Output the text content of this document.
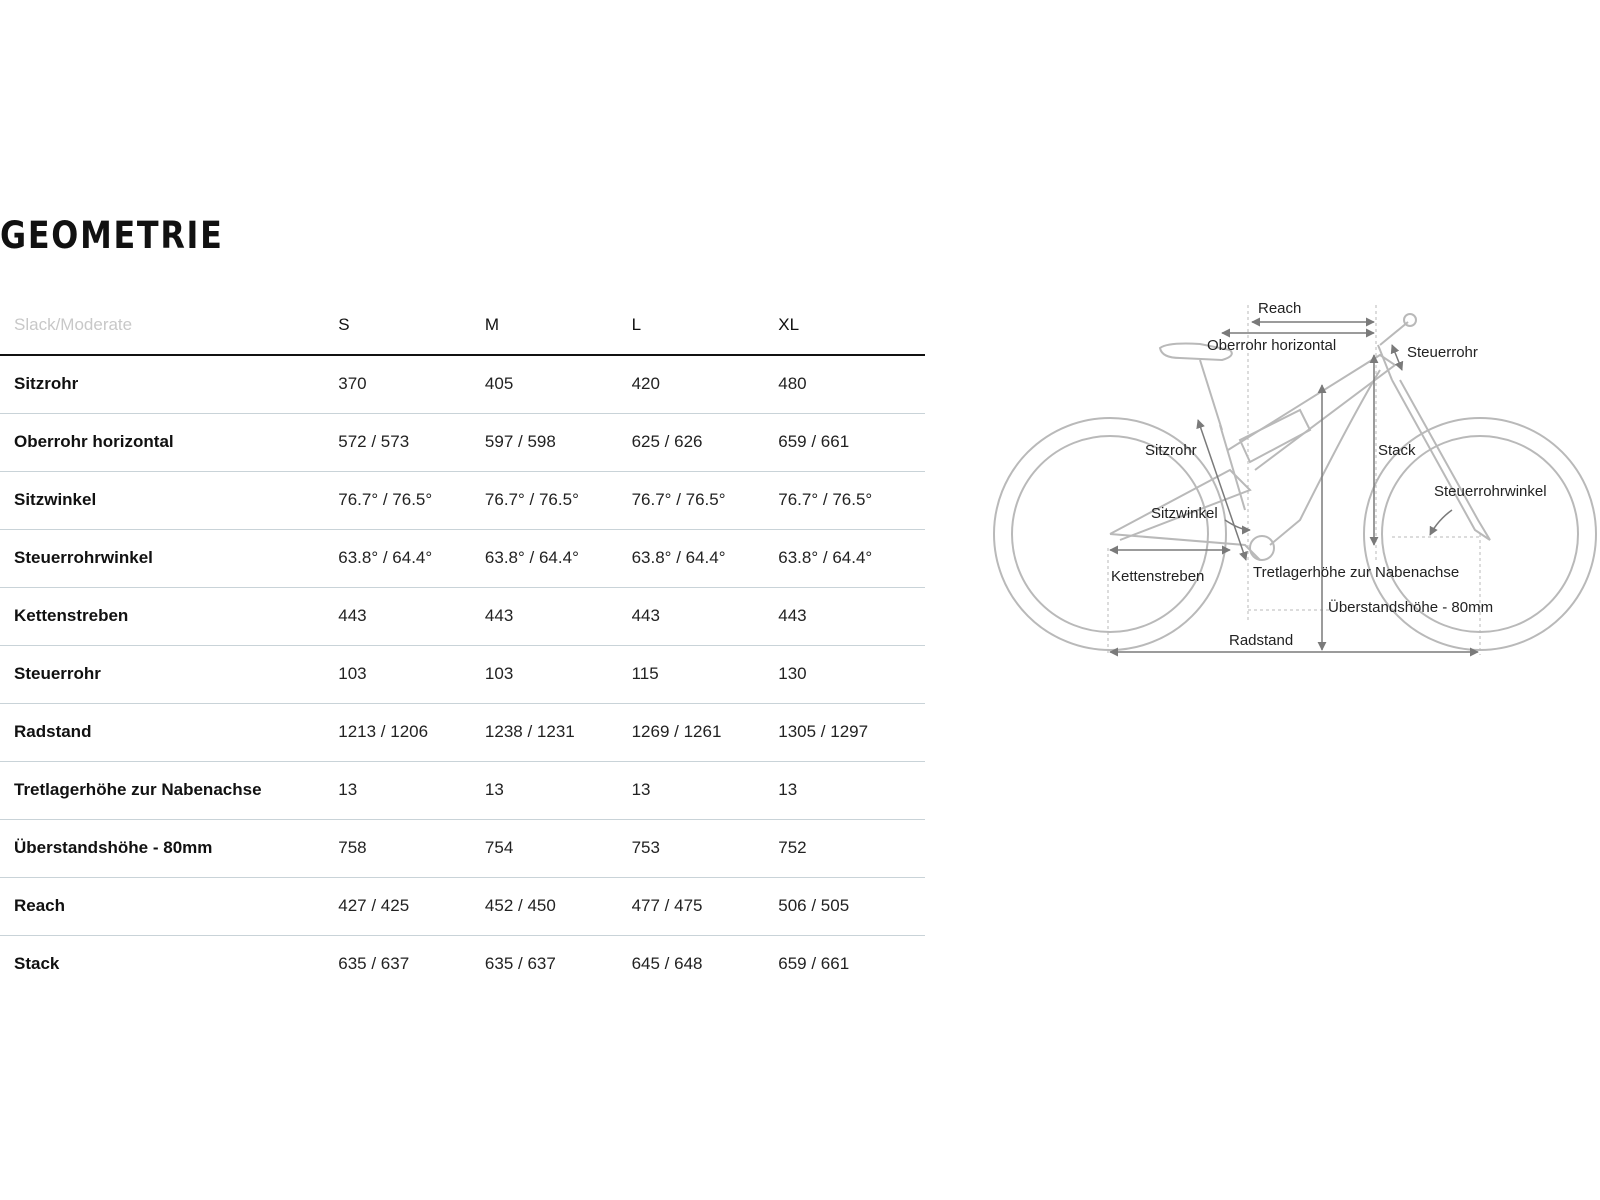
GEOMETRIE
Slack/Moderate	S	M	L	XL
Sitzrohr	370	405	420	480
Oberrohr horizontal	572 / 573	597 / 598	625 / 626	659 / 661
Sitzwinkel	76.7° / 76.5°	76.7° / 76.5°	76.7° / 76.5°	76.7° / 76.5°
Steuerrohrwinkel	63.8° / 64.4°	63.8° / 64.4°	63.8° / 64.4°	63.8° / 64.4°
Kettenstreben	443	443	443	443
Steuerrohr	103	103	115	130
Radstand	1213 / 1206	1238 / 1231	1269 / 1261	1305 / 1297
Tretlagerhöhe zur Nabenachse	13	13	13	13
Überstandshöhe - 80mm	758	754	753	752
Reach	427 / 425	452 / 450	477 / 475	506 / 505
Stack	635 / 637	635 / 637	645 / 648	659 / 661
Reach
Oberrohr horizontal	Steuerrohr
Sitzrohr	Stack
Steuerrohrwinkel
Sitzwinkel
Kettenstreben	Tretlagerhöhe zur Nabenachse
Überstandshöhe - 80mm
Radstand
